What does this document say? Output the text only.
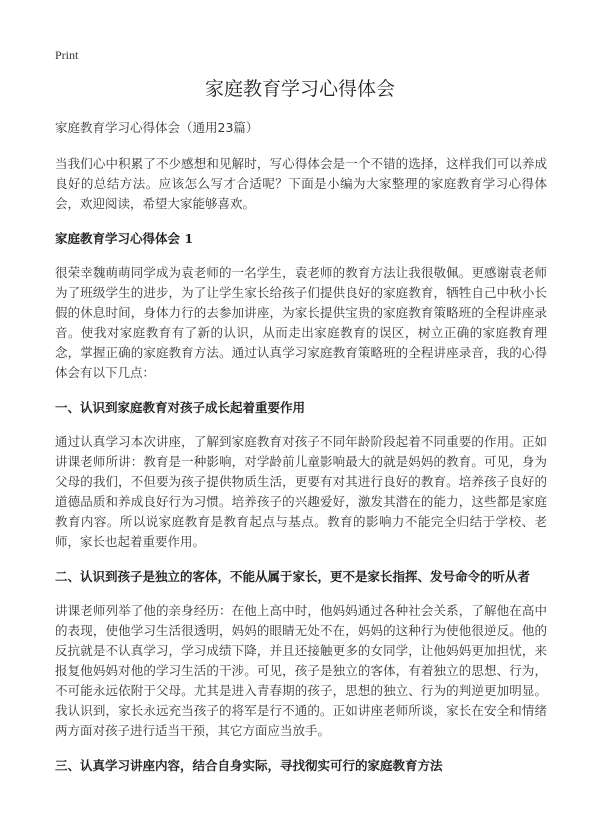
Print
家庭教育学习心得体会
家庭教育学习心得体会（通用23篇）

当我们心中积累了不少感想和见解时，写心得体会是一个不错的选择，这样我们可以养成良好的总结方法。应该怎么写才合适呢？下面是小编为大家整理的家庭教育学习心得体会，欢迎阅读，希望大家能够喜欢。

家庭教育学习心得体会 1

很荣幸魏萌萌同学成为袁老师的一名学生，袁老师的教育方法让我很敬佩。更感谢袁老师为了班级学生的进步，为了让学生家长给孩子们提供良好的家庭教育，牺牲自己中秋小长假的休息时间，身体力行的去参加讲座，为家长提供宝贵的家庭教育策略班的全程讲座录音。使我对家庭教育有了新的认识，从而走出家庭教育的误区，树立正确的家庭教育理念，掌握正确的家庭教育方法。通过认真学习家庭教育策略班的全程讲座录音，我的心得体会有以下几点：

一、认识到家庭教育对孩子成长起着重要作用

通过认真学习本次讲座，了解到家庭教育对孩子不同年龄阶段起着不同重要的作用。正如讲课老师所讲：教育是一种影响，对学龄前儿童影响最大的就是妈妈的教育。可见，身为父母的我们，不但要为孩子提供物质生活，更要有对其进行良好的教育。培养孩子良好的道德品质和养成良好行为习惯。培养孩子的兴趣爱好，激发其潜在的能力，这些都是家庭教育内容。所以说家庭教育是教育起点与基点。教育的影响力不能完全归结于学校、老师，家长也起着重要作用。

二、认识到孩子是独立的客体，不能从属于家长，更不是家长指挥、发号命令的听从者

讲课老师列举了他的亲身经历：在他上高中时，他妈妈通过各种社会关系，了解他在高中的表现，使他学习生活很透明，妈妈的眼睛无处不在，妈妈的这种行为使他很逆反。他的反抗就是不认真学习，学习成绩下降，并且还接触更多的女同学，让他妈妈更加担忧，来报复他妈妈对他的学习生活的干涉。可见，孩子是独立的客体，有着独立的思想、行为，不可能永远依附于父母。尤其是进入青春期的孩子，思想的独立、行为的判逆更加明显。我认识到，家长永远充当孩子的将军是行不通的。正如讲座老师所谈，家长在安全和情绪两方面对孩子进行适当干预，其它方面应当放手。

三、认真学习讲座内容，结合自身实际，寻找彻实可行的家庭教育方法
